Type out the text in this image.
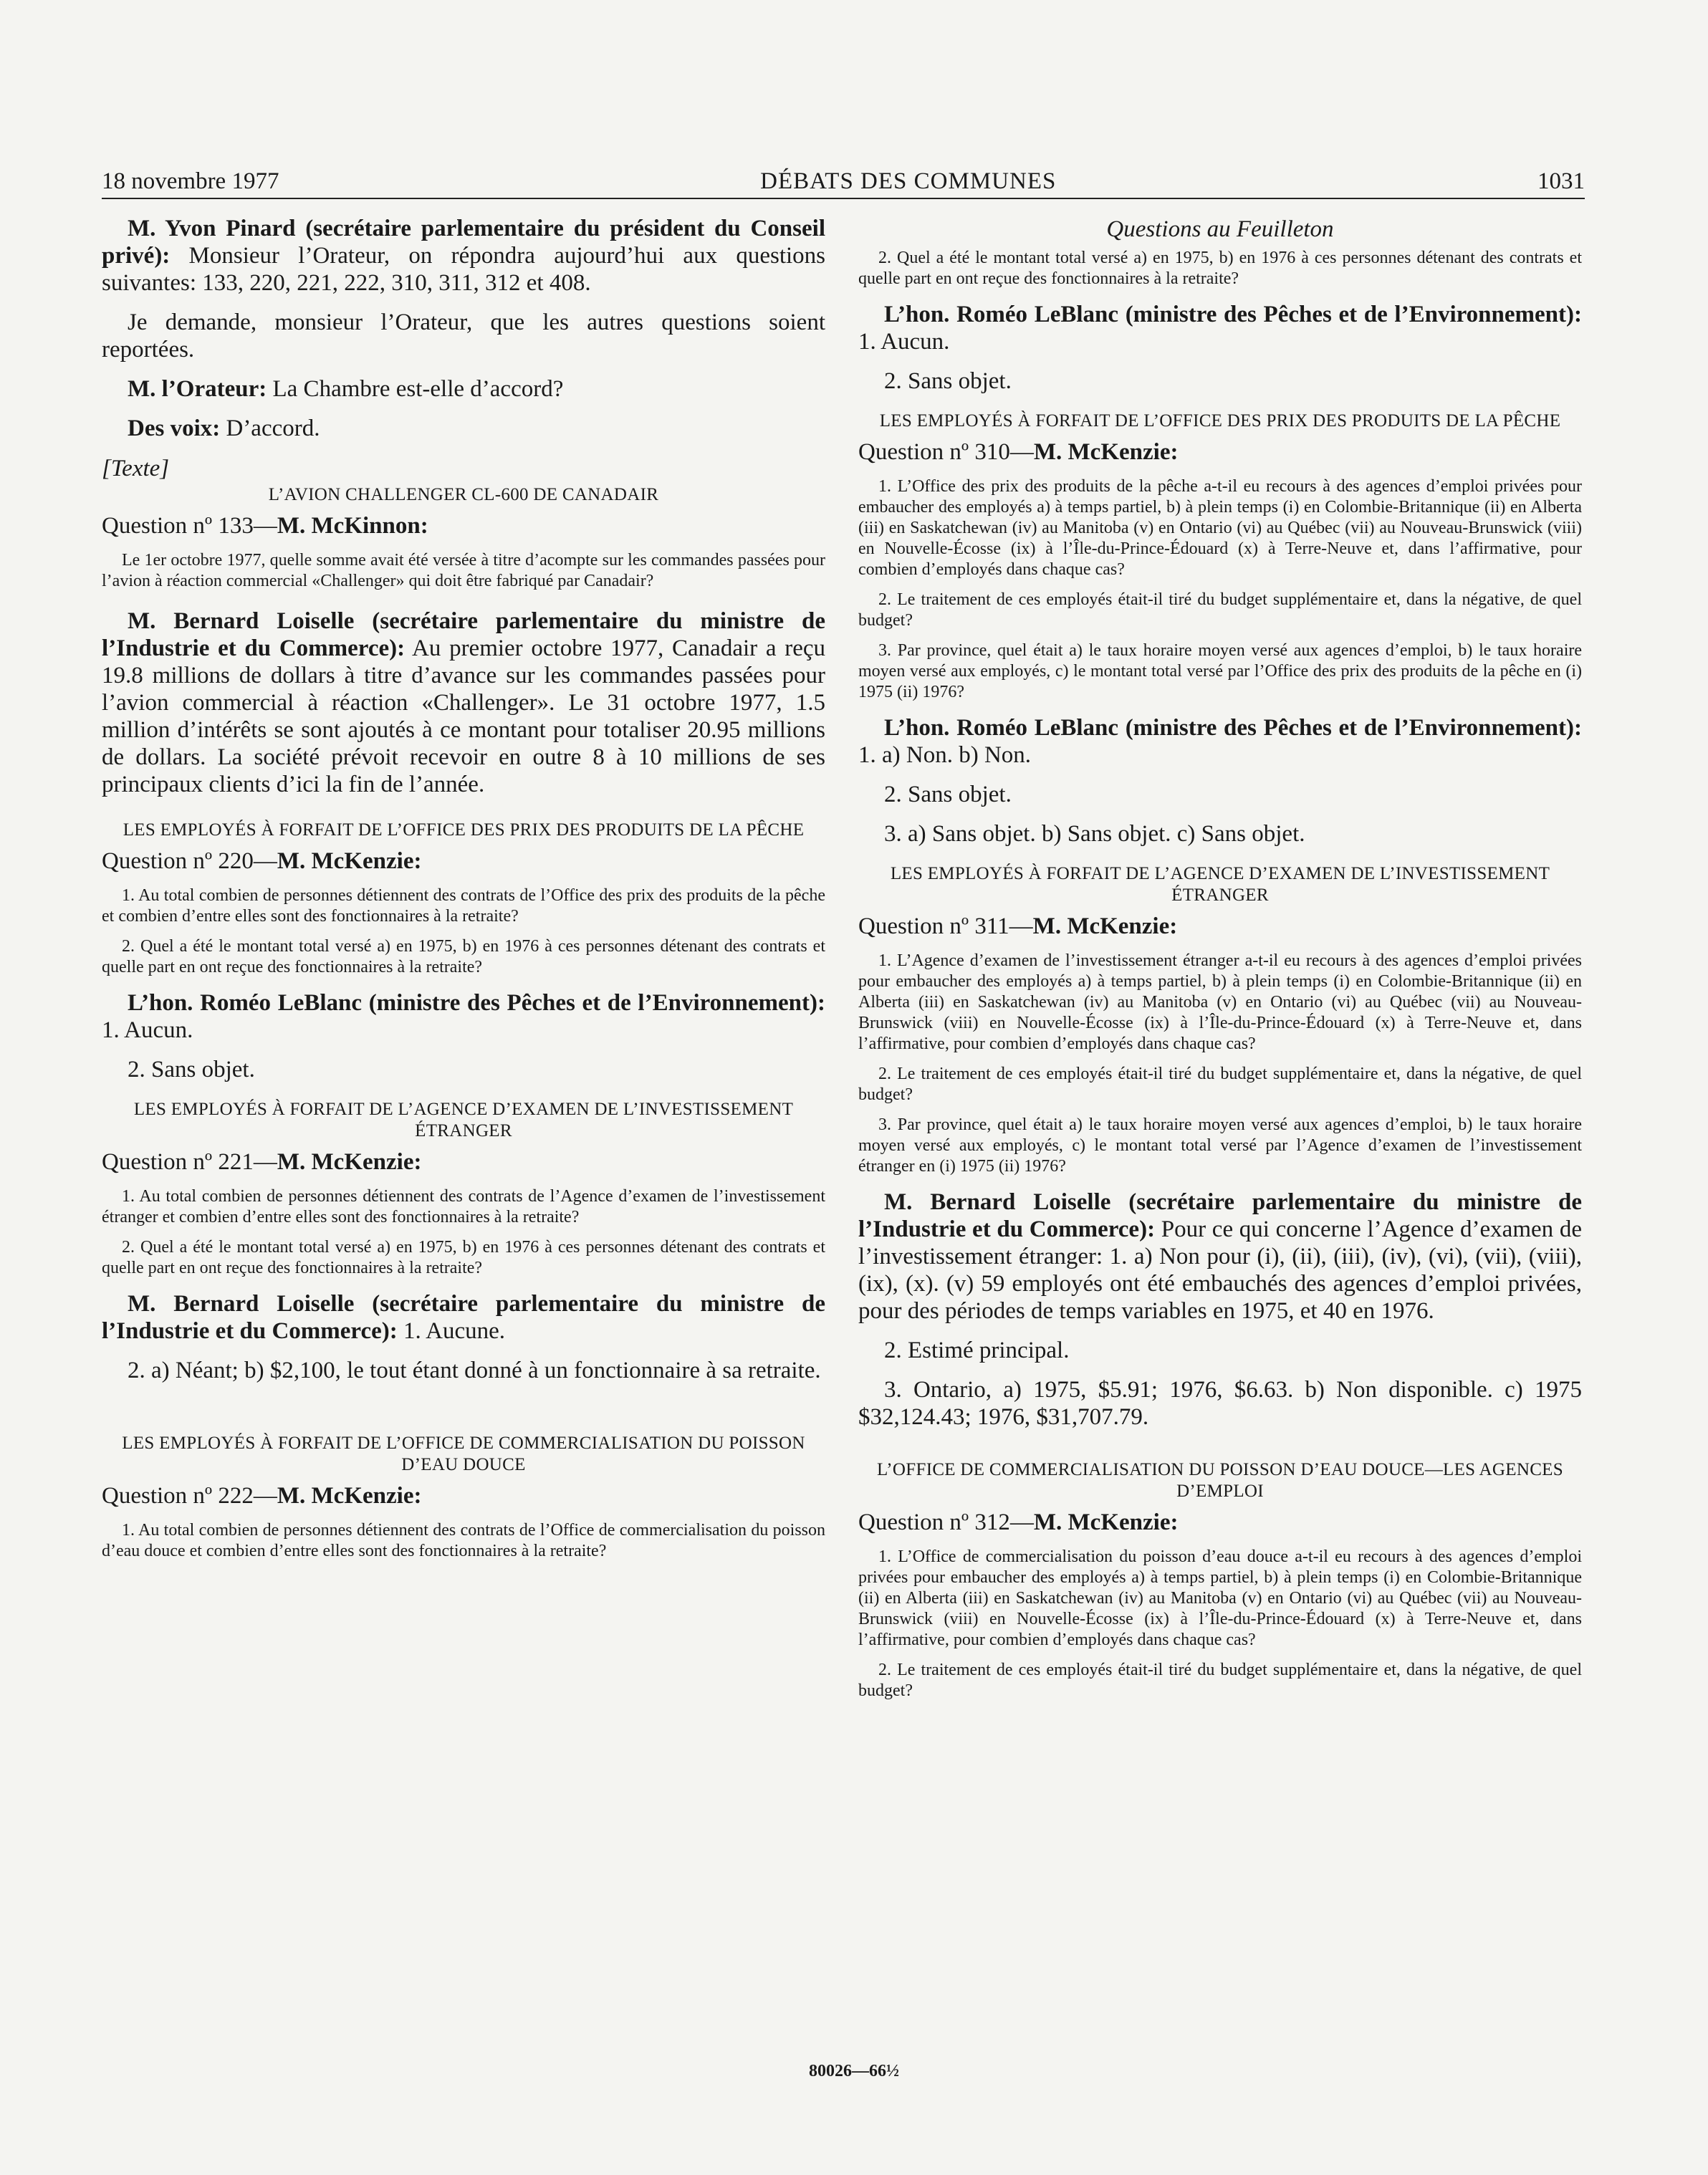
18 novembre 1977	DÉBATS DES COMMUNES	1031

M. Yvon Pinard (secrétaire parlementaire du président du Conseil privé): Monsieur l’Orateur, on répondra aujourd’hui aux questions suivantes: 133, 220, 221, 222, 310, 311, 312 et 408.

Je demande, monsieur l’Orateur, que les autres questions soient reportées.

M. l’Orateur: La Chambre est-elle d’accord?

Des voix: D’accord.

[Texte]
L’AVION CHALLENGER CL-600 DE CANADAIR
Question nº 133—M. McKinnon:

Le 1er octobre 1977, quelle somme avait été versée à titre d’acompte sur les commandes passées pour l’avion à réaction commercial «Challenger» qui doit être fabriqué par Canadair?

M. Bernard Loiselle (secrétaire parlementaire du ministre de l’Industrie et du Commerce): Au premier octobre 1977, Canadair a reçu 19.8 millions de dollars à titre d’avance sur les commandes passées pour l’avion commercial à réaction «Challenger». Le 31 octobre 1977, 1.5 million d’intérêts se sont ajoutés à ce montant pour totaliser 20.95 millions de dollars. La société prévoit recevoir en outre 8 à 10 millions de ses principaux clients d’ici la fin de l’année.

LES EMPLOYÉS À FORFAIT DE L’OFFICE DES PRIX DES PRODUITS DE LA PÊCHE
Question nº 220—M. McKenzie:

1. Au total combien de personnes détiennent des contrats de l’Office des prix des produits de la pêche et combien d’entre elles sont des fonctionnaires à la retraite?

2. Quel a été le montant total versé a) en 1975, b) en 1976 à ces personnes détenant des contrats et quelle part en ont reçue des fonctionnaires à la retraite?

L’hon. Roméo LeBlanc (ministre des Pêches et de l’Environnement): 1. Aucun.

2. Sans objet.

LES EMPLOYÉS À FORFAIT DE L’AGENCE D’EXAMEN DE L’INVESTISSEMENT ÉTRANGER
Question nº 221—M. McKenzie:

1. Au total combien de personnes détiennent des contrats de l’Agence d’examen de l’investissement étranger et combien d’entre elles sont des fonctionnaires à la retraite?

2. Quel a été le montant total versé a) en 1975, b) en 1976 à ces personnes détenant des contrats et quelle part en ont reçue des fonctionnaires à la retraite?

M. Bernard Loiselle (secrétaire parlementaire du ministre de l’Industrie et du Commerce): 1. Aucune.

2. a) Néant; b) $2,100, le tout étant donné à un fonctionnaire à sa retraite.

LES EMPLOYÉS À FORFAIT DE L’OFFICE DE COMMERCIALISATION DU POISSON D’EAU DOUCE
Question nº 222—M. McKenzie:

1. Au total combien de personnes détiennent des contrats de l’Office de commercialisation du poisson d’eau douce et combien d’entre elles sont des fonctionnaires à la retraite?

Questions au Feuilleton

2. Quel a été le montant total versé a) en 1975, b) en 1976 à ces personnes détenant des contrats et quelle part en ont reçue des fonctionnaires à la retraite?

L’hon. Roméo LeBlanc (ministre des Pêches et de l’Environnement): 1. Aucun.

2. Sans objet.

LES EMPLOYÉS À FORFAIT DE L’OFFICE DES PRIX DES PRODUITS DE LA PÊCHE
Question nº 310—M. McKenzie:

1. L’Office des prix des produits de la pêche a-t-il eu recours à des agences d’emploi privées pour embaucher des employés a) à temps partiel, b) à plein temps (i) en Colombie-Britannique (ii) en Alberta (iii) en Saskatchewan (iv) au Manitoba (v) en Ontario (vi) au Québec (vii) au Nouveau-Brunswick (viii) en Nouvelle-Écosse (ix) à l’Île-du-Prince-Édouard (x) à Terre-Neuve et, dans l’affirmative, pour combien d’employés dans chaque cas?

2. Le traitement de ces employés était-il tiré du budget supplémentaire et, dans la négative, de quel budget?

3. Par province, quel était a) le taux horaire moyen versé aux agences d’emploi, b) le taux horaire moyen versé aux employés, c) le montant total versé par l’Office des prix des produits de la pêche en (i) 1975 (ii) 1976?

L’hon. Roméo LeBlanc (ministre des Pêches et de l’Environnement): 1. a) Non. b) Non.

2. Sans objet.

3. a) Sans objet. b) Sans objet. c) Sans objet.

LES EMPLOYÉS À FORFAIT DE L’AGENCE D’EXAMEN DE L’INVESTISSEMENT ÉTRANGER
Question nº 311—M. McKenzie:

1. L’Agence d’examen de l’investissement étranger a-t-il eu recours à des agences d’emploi privées pour embaucher des employés a) à temps partiel, b) à plein temps (i) en Colombie-Britannique (ii) en Alberta (iii) en Saskatchewan (iv) au Manitoba (v) en Ontario (vi) au Québec (vii) au Nouveau-Brunswick (viii) en Nouvelle-Écosse (ix) à l’Île-du-Prince-Édouard (x) à Terre-Neuve et, dans l’affirmative, pour combien d’employés dans chaque cas?

2. Le traitement de ces employés était-il tiré du budget supplémentaire et, dans la négative, de quel budget?

3. Par province, quel était a) le taux horaire moyen versé aux agences d’emploi, b) le taux horaire moyen versé aux employés, c) le montant total versé par l’Agence d’examen de l’investissement étranger en (i) 1975 (ii) 1976?

M. Bernard Loiselle (secrétaire parlementaire du ministre de l’Industrie et du Commerce): Pour ce qui concerne l’Agence d’examen de l’investissement étranger: 1. a) Non pour (i), (ii), (iii), (iv), (vi), (vii), (viii), (ix), (x). (v) 59 employés ont été embauchés des agences d’emploi privées, pour des périodes de temps variables en 1975, et 40 en 1976.

2. Estimé principal.

3. Ontario, a) 1975, $5.91; 1976, $6.63. b) Non disponible. c) 1975 $32,124.43; 1976, $31,707.79.

L’OFFICE DE COMMERCIALISATION DU POISSON D’EAU DOUCE—LES AGENCES D’EMPLOI
Question nº 312—M. McKenzie:

1. L’Office de commercialisation du poisson d’eau douce a-t-il eu recours à des agences d’emploi privées pour embaucher des employés a) à temps partiel, b) à plein temps (i) en Colombie-Britannique (ii) en Alberta (iii) en Saskatchewan (iv) au Manitoba (v) en Ontario (vi) au Québec (vii) au Nouveau-Brunswick (viii) en Nouvelle-Écosse (ix) à l’Île-du-Prince-Édouard (x) à Terre-Neuve et, dans l’affirmative, pour combien d’employés dans chaque cas?

2. Le traitement de ces employés était-il tiré du budget supplémentaire et, dans la négative, de quel budget?

80026—66½
